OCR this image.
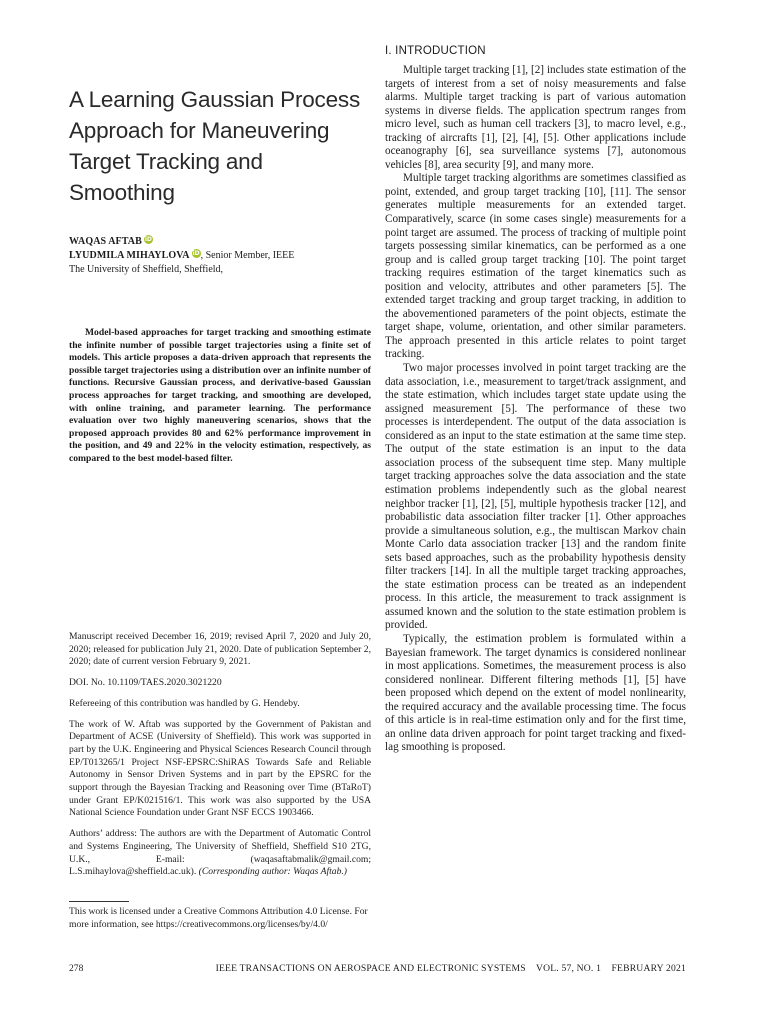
A Learning Gaussian Process Approach for Maneuvering Target Tracking and Smoothing
WAQAS AFTAB iD
LYUDMILA MIHAYLOVA iD, Senior Member, IEEE
The University of Sheffield, Sheffield,
Model-based approaches for target tracking and smoothing estimate the infinite number of possible target trajectories using a finite set of models. This article proposes a data-driven approach that represents the possible target trajectories using a distribution over an infinite number of functions. Recursive Gaussian process, and derivative-based Gaussian process approaches for target tracking, and smoothing are developed, with online training, and parameter learning. The performance evaluation over two highly maneuvering scenarios, shows that the proposed approach provides 80 and 62% performance improvement in the position, and 49 and 22% in the velocity estimation, respectively, as compared to the best model-based filter.

Manuscript received December 16, 2019; revised April 7, 2020 and July 20, 2020; released for publication July 21, 2020. Date of publication September 2, 2020; date of current version February 9, 2021.

DOI. No. 10.1109/TAES.2020.3021220

Refereeing of this contribution was handled by G. Hendeby.

The work of W. Aftab was supported by the Government of Pakistan and Department of ACSE (University of Sheffield). This work was supported in part by the U.K. Engineering and Physical Sciences Research Council through EP/T013265/1 Project NSF-EPSRC:ShiRAS Towards Safe and Reliable Autonomy in Sensor Driven Systems and in part by the EPSRC for the support through the Bayesian Tracking and Reasoning over Time (BTaRoT) under Grant EP/K021516/1. This work was also supported by the USA National Science Foundation under Grant NSF ECCS 1903466.

Authors’ address: The authors are with the Department of Automatic Control and Systems Engineering, The University of Sheffield, Sheffield S10 2TG, U.K., E-mail: (waqasaftabmalik@gmail.com; L.S.mihaylova@sheffield.ac.uk). (Corresponding author: Waqas Aftab.)

This work is licensed under a Creative Commons Attribution 4.0 License. For more information, see https://creativecommons.org/licenses/by/4.0/
I. INTRODUCTION

Multiple target tracking [1], [2] includes state estimation of the targets of interest from a set of noisy measurements and false alarms. Multiple target tracking is part of various automation systems in diverse fields. The application spectrum ranges from micro level, such as human cell trackers [3], to macro level, e.g., tracking of aircrafts [1], [2], [4], [5]. Other applications include oceanography [6], sea surveillance systems [7], autonomous vehicles [8], area security [9], and many more.

Multiple target tracking algorithms are sometimes classified as point, extended, and group target tracking [10], [11]. The sensor generates multiple measurements for an extended target. Comparatively, scarce (in some cases single) measurements for a point target are assumed. The process of tracking of multiple point targets possessing similar kinematics, can be performed as a one group and is called group target tracking [10]. The point target tracking requires estimation of the target kinematics such as position and velocity, attributes and other parameters [5]. The extended target tracking and group target tracking, in addition to the abovementioned parameters of the point objects, estimate the target shape, volume, orientation, and other similar parameters. The approach presented in this article relates to point target tracking.

Two major processes involved in point target tracking are the data association, i.e., measurement to target/track assignment, and the state estimation, which includes target state update using the assigned measurement [5]. The performance of these two processes is interdependent. The output of the data association is considered as an input to the state estimation at the same time step. The output of the state estimation is an input to the data association process of the subsequent time step. Many multiple target tracking approaches solve the data association and the state estimation problems independently such as the global nearest neighbor tracker [1], [2], [5], multiple hypothesis tracker [12], and probabilistic data association filter tracker [1]. Other approaches provide a simultaneous solution, e.g., the multiscan Markov chain Monte Carlo data association tracker [13] and the random finite sets based approaches, such as the probability hypothesis density filter trackers [14]. In all the multiple target tracking approaches, the state estimation process can be treated as an independent process. In this article, the measurement to track assignment is assumed known and the solution to the state estimation problem is provided.

Typically, the estimation problem is formulated within a Bayesian framework. The target dynamics is considered nonlinear in most applications. Sometimes, the measurement process is also considered nonlinear. Different filtering methods [1], [5] have been proposed which depend on the extent of model nonlinearity, the required accuracy and the available processing time. The focus of this article is in real-time estimation only and for the first time, an online data driven approach for point target tracking and fixed-lag smoothing is proposed.

278	IEEE TRANSACTIONS ON AEROSPACE AND ELECTRONIC SYSTEMS    VOL. 57, NO. 1    FEBRUARY 2021
